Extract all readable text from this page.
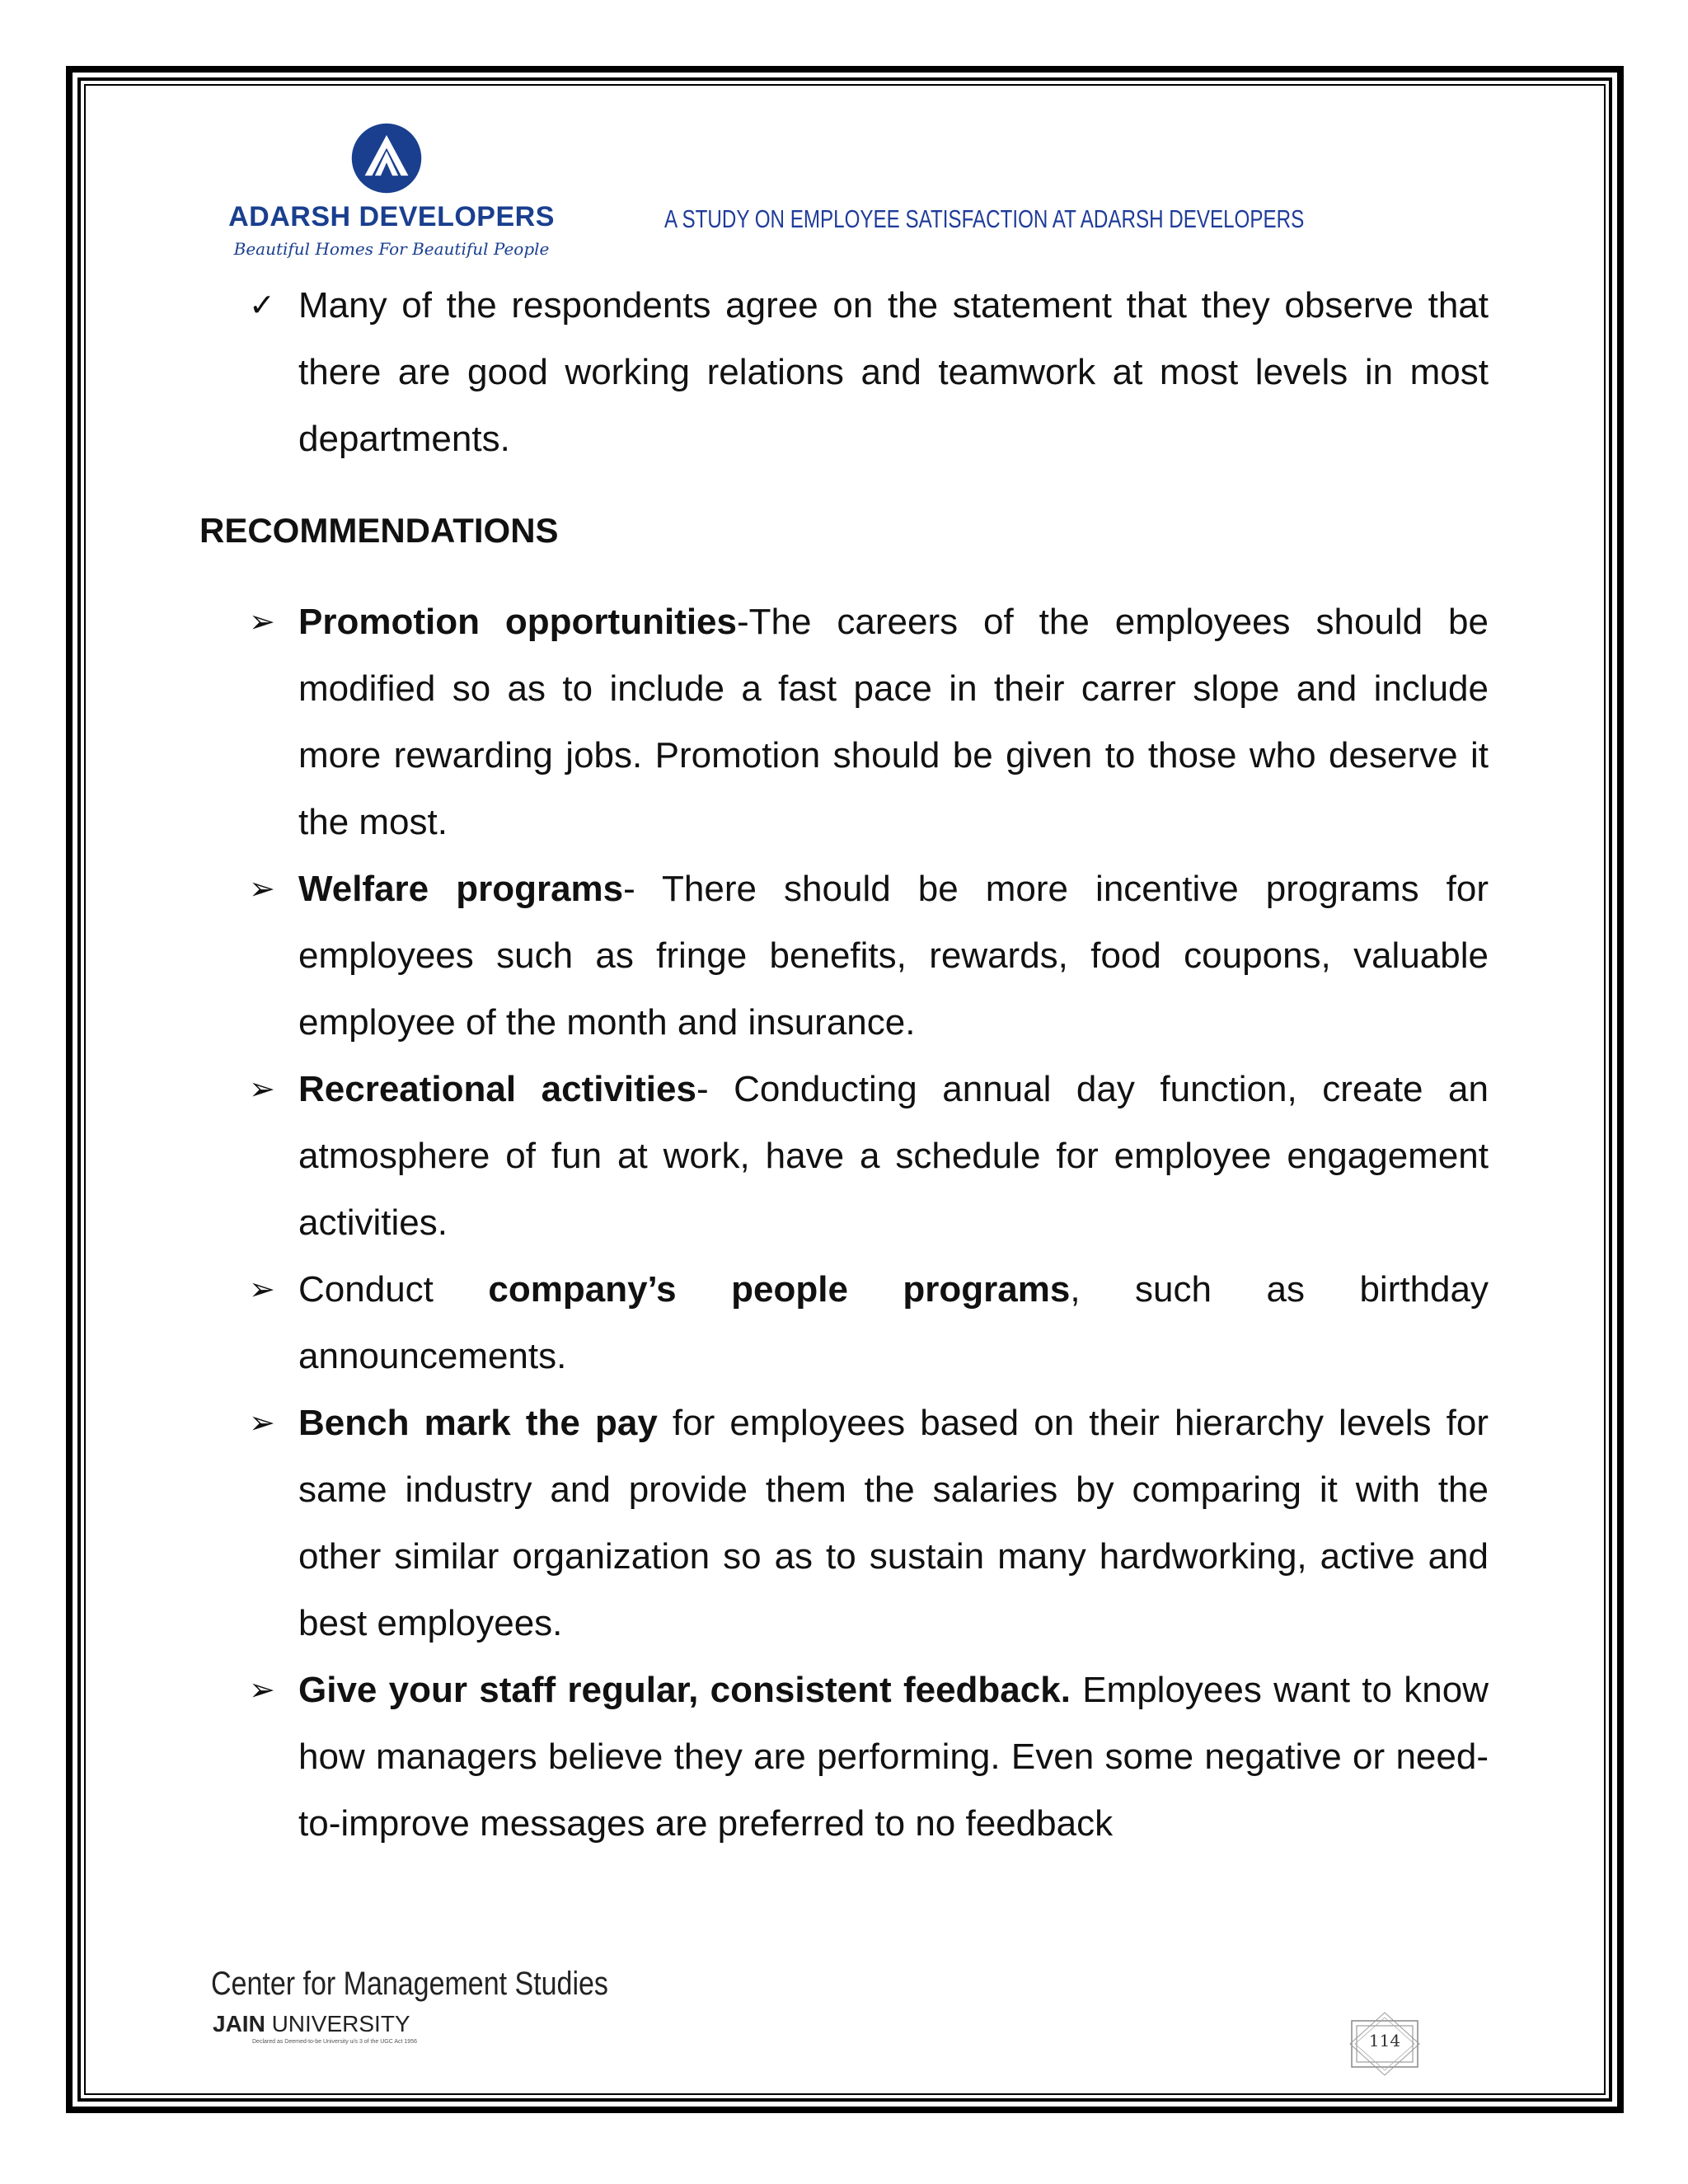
ADARSH DEVELOPERS
Beautiful Homes For Beautiful People
A STUDY ON EMPLOYEE SATISFACTION AT ADARSH DEVELOPERS
✓ Many of the respondents agree on the statement that they observe that there are good working relations and teamwork at most levels in most departments.
RECOMMENDATIONS
➢ Promotion opportunities-The careers of the employees should be modified so as to include a fast pace in their carrer slope and include more rewarding jobs. Promotion should be given to those who deserve it the most.
➢ Welfare programs- There should be more incentive programs for employees such as fringe benefits, rewards, food coupons, valuable employee of the month and insurance.
➢ Recreational activities- Conducting annual day function, create an atmosphere of fun at work, have a schedule for employee engagement activities.
➢ Conduct company’s people programs, such as birthday announcements.
➢ Bench mark the pay for employees based on their hierarchy levels for same industry and provide them the salaries by comparing it with the other similar organization so as to sustain many hardworking, active and best employees.
➢ Give your staff regular, consistent feedback. Employees want to know how managers believe they are performing. Even some negative or need-to-improve messages are preferred to no feedback
Center for Management Studies
JAIN UNIVERSITY
Declared as Deemed-to-be University u/s 3 of the UGC Act 1956	114
